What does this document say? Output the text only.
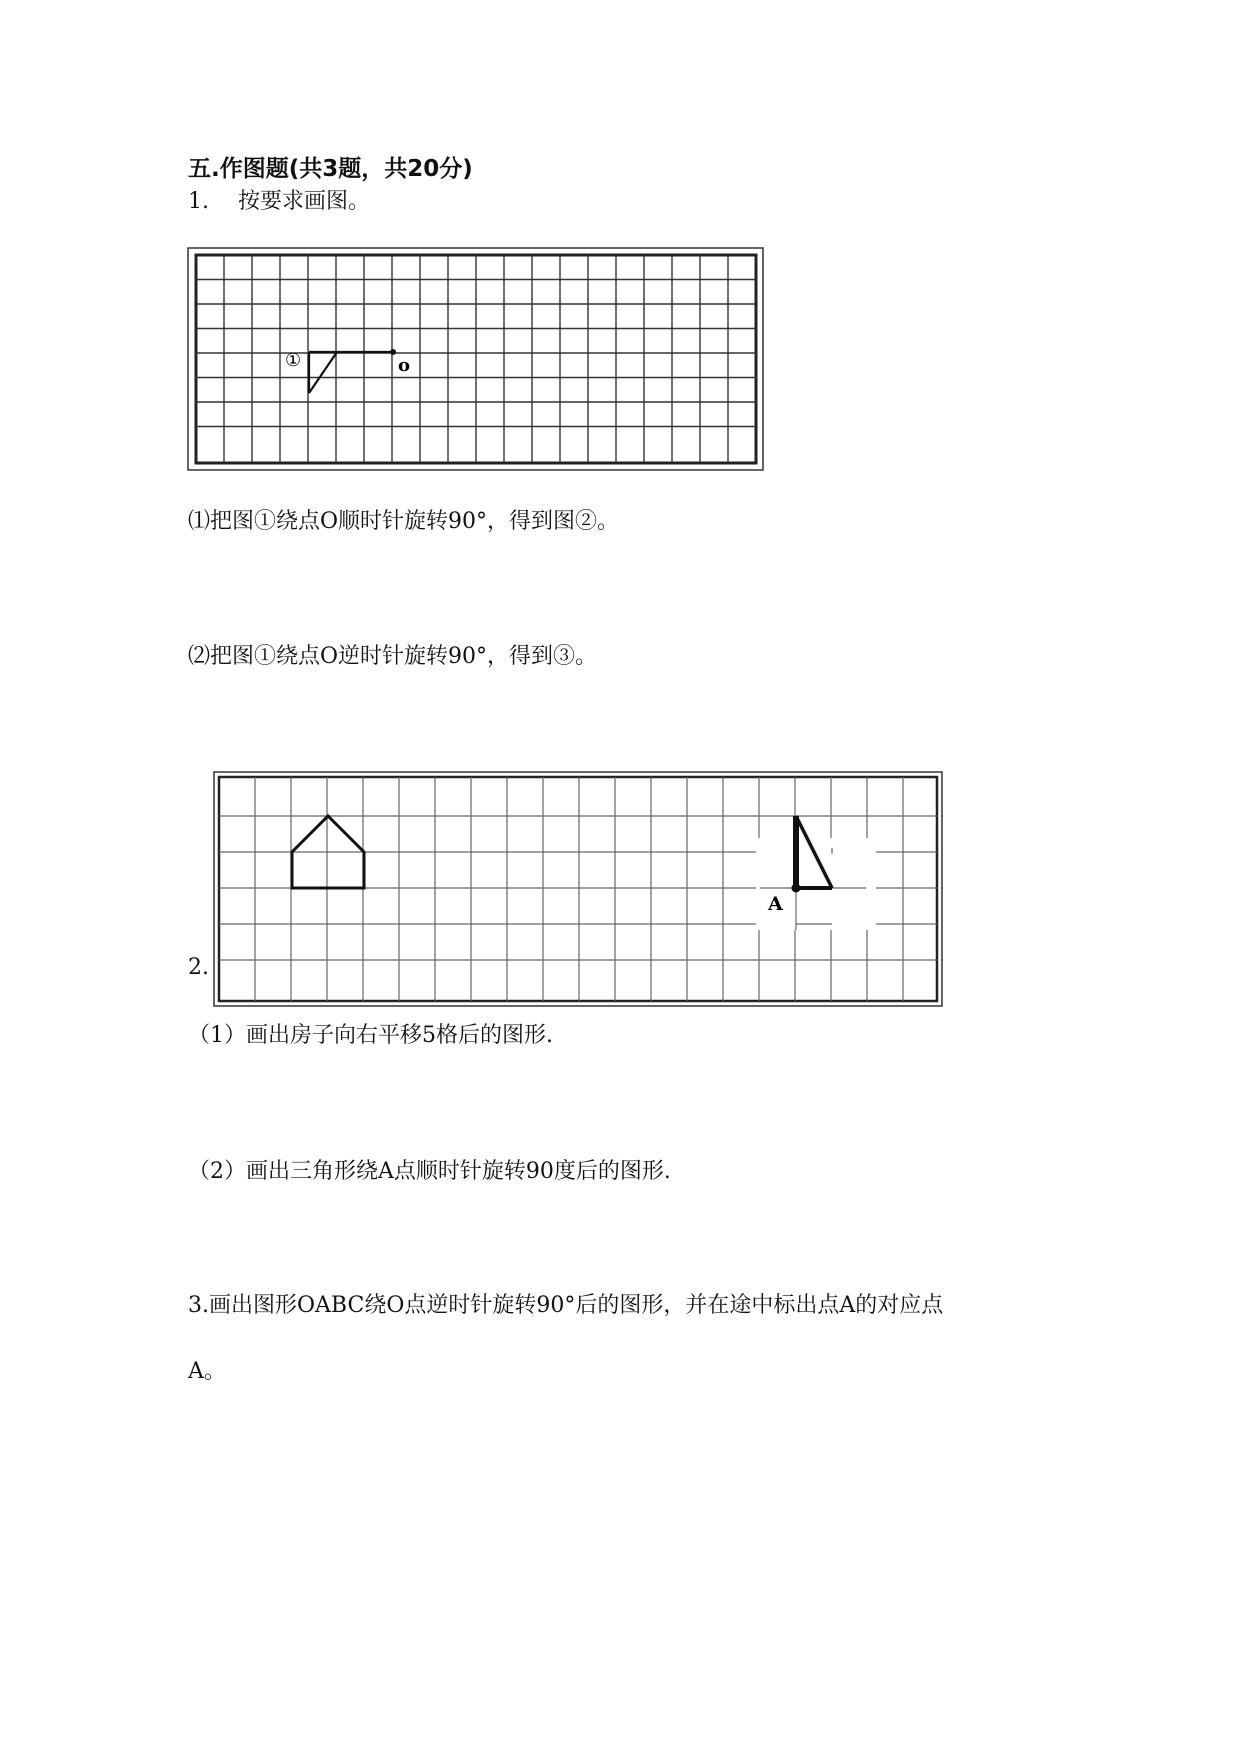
五.作图题(共3题，共20分)
1. 按要求画图。
①	o
A
⑴把图①绕点O顺时针旋转90°，得到图②。
⑵把图①绕点O逆时针旋转90°，得到③。
2.
（1）画出房子向右平移5格后的图形.
（2）画出三角形绕A点顺时针旋转90度后的图形.
3.画出图形OABC绕O点逆时针旋转90°后的图形，并在途中标出点A的对应点
A。
